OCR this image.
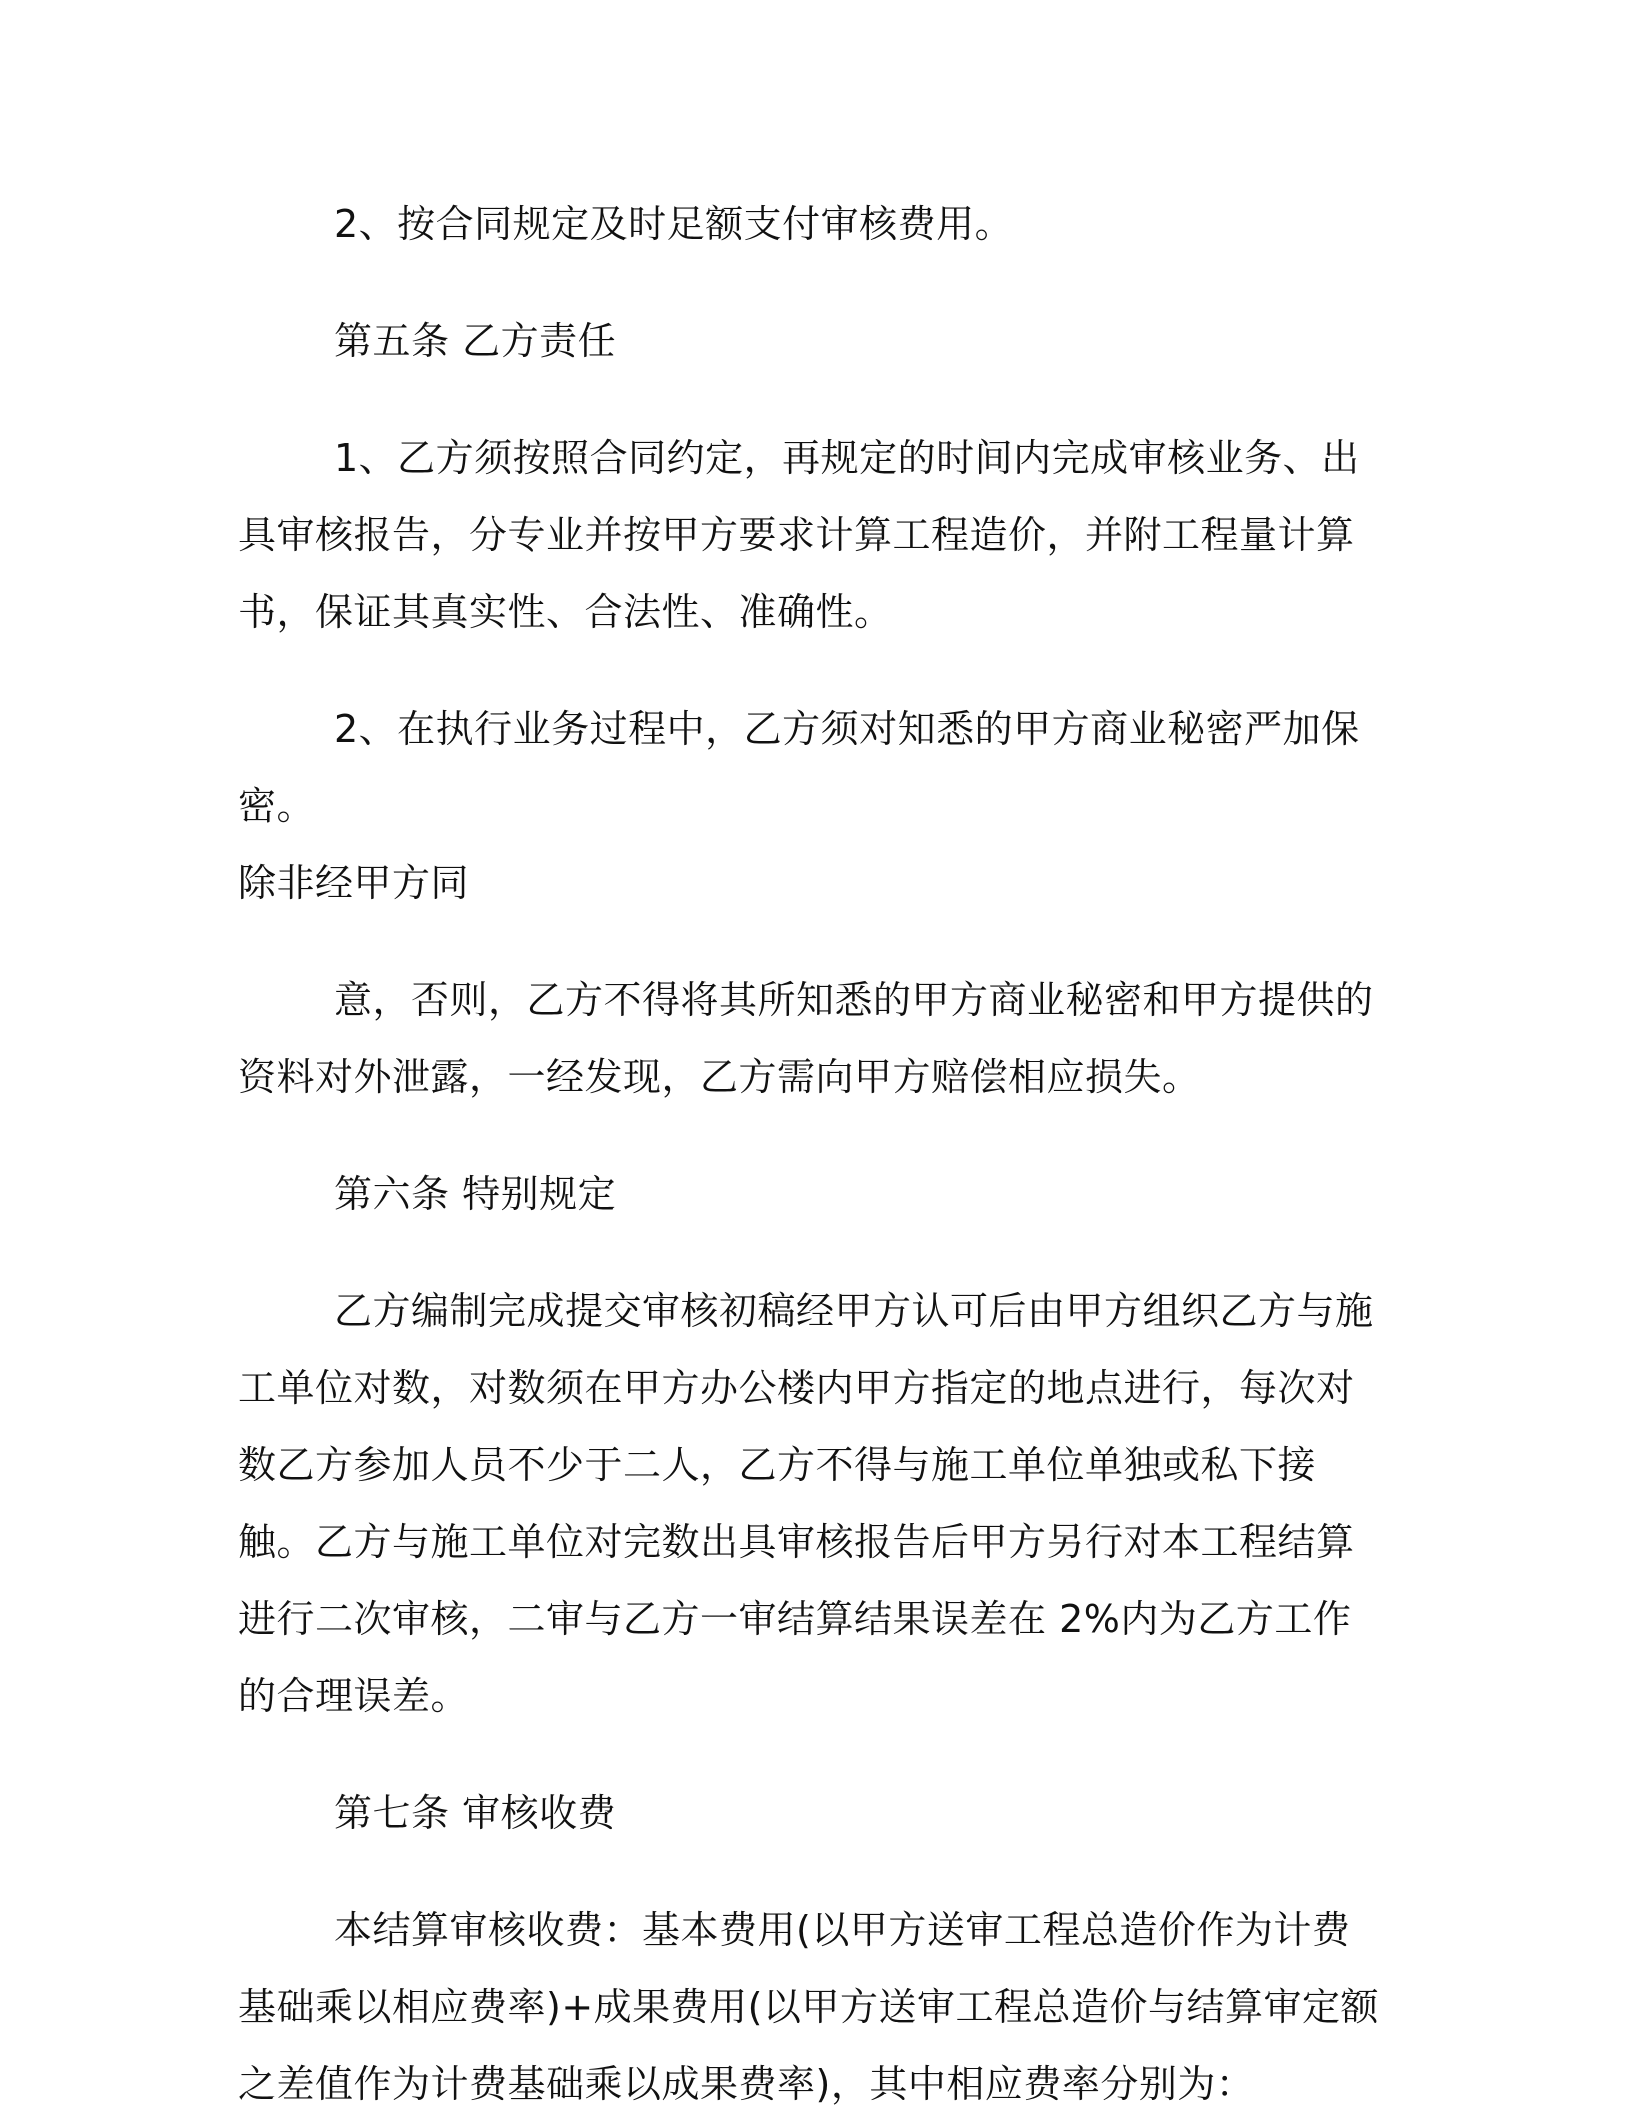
2、按合同规定及时足额支付审核费用。

第五条 乙方责任

1、乙方须按照合同约定，再规定的时间内完成审核业务、出具审核报告，分专业并按甲方要求计算工程造价，并附工程量计算书，保证其真实性、合法性、准确性。

2、在执行业务过程中，乙方须对知悉的甲方商业秘密严加保密。

除非经甲方同

意，否则，乙方不得将其所知悉的甲方商业秘密和甲方提供的资料对外泄露，一经发现，乙方需向甲方赔偿相应损失。

第六条 特别规定

乙方编制完成提交审核初稿经甲方认可后由甲方组织乙方与施工单位对数，对数须在甲方办公楼内甲方指定的地点进行，每次对数乙方参加人员不少于二人，乙方不得与施工单位单独或私下接触。乙方与施工单位对完数出具审核报告后甲方另行对本工程结算进行二次审核，二审与乙方一审结算结果误差在 2%内为乙方工作的合理误差。

第七条 审核收费

本结算审核收费：基本费用(以甲方送审工程总造价作为计费基础乘以相应费率)+成果费用(以甲方送审工程总造价与结算审定额之差值作为计费基础乘以成果费率)，其中相应费率分别为：
